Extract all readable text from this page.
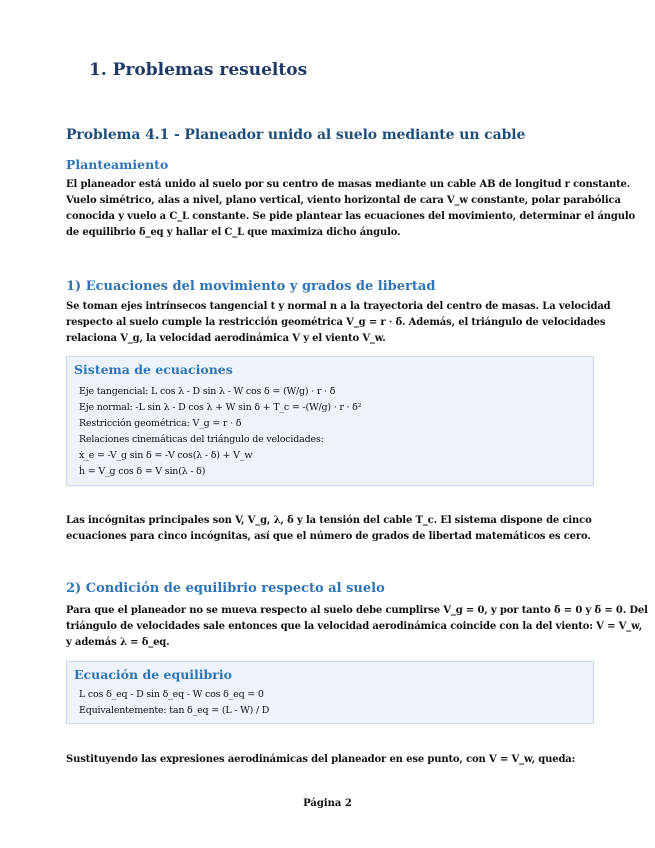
1. Problemas resueltos
Problema 4.1 - Planeador unido al suelo mediante un cable
Planteamiento

El planeador está unido al suelo por su centro de masas mediante un cable AB de longitud r constante.
Vuelo simétrico, alas a nivel, plano vertical, viento horizontal de cara V_w constante, polar parabólica
conocida y vuelo a C_L constante. Se pide plantear las ecuaciones del movimiento, determinar el ángulo
de equilibrio δ_eq y hallar el C_L que maximiza dicho ángulo.

1) Ecuaciones del movimiento y grados de libertad

Se toman ejes intrínsecos tangencial t y normal n a la trayectoria del centro de masas. La velocidad
respecto al suelo cumple la restricción geométrica V_g = r · δ̇. Además, el triángulo de velocidades
relaciona V_g, la velocidad aerodinámica V y el viento V_w.

Sistema de ecuaciones
Eje tangencial: L cos λ - D sin λ - W cos δ = (W/g) · r · δ̈
Eje normal: -L sin λ - D cos λ + W sin δ + T_c = -(W/g) · r · δ̇²
Restricción geométrica: V_g = r · δ̇
Relaciones cinemáticas del triángulo de velocidades:
ẋ_e = -V_g sin δ = -V cos(λ - δ) + V_w
ḣ = V_g cos δ = V sin(λ - δ)

Las incógnitas principales son V, V_g, λ, δ y la tensión del cable T_c. El sistema dispone de cinco
ecuaciones para cinco incógnitas, así que el número de grados de libertad matemáticos es cero.

2) Condición de equilibrio respecto al suelo

Para que el planeador no se mueva respecto al suelo debe cumplirse V_g = 0, y por tanto δ̇ = 0 y δ̈ = 0. Del
triángulo de velocidades sale entonces que la velocidad aerodinámica coincide con la del viento: V = V_w,
y además λ = δ_eq.

Ecuación de equilibrio
L cos δ_eq - D sin δ_eq - W cos δ_eq = 0
Equivalentemente: tan δ_eq = (L - W) / D

Sustituyendo las expresiones aerodinámicas del planeador en ese punto, con V = V_w, queda:

Página 2
